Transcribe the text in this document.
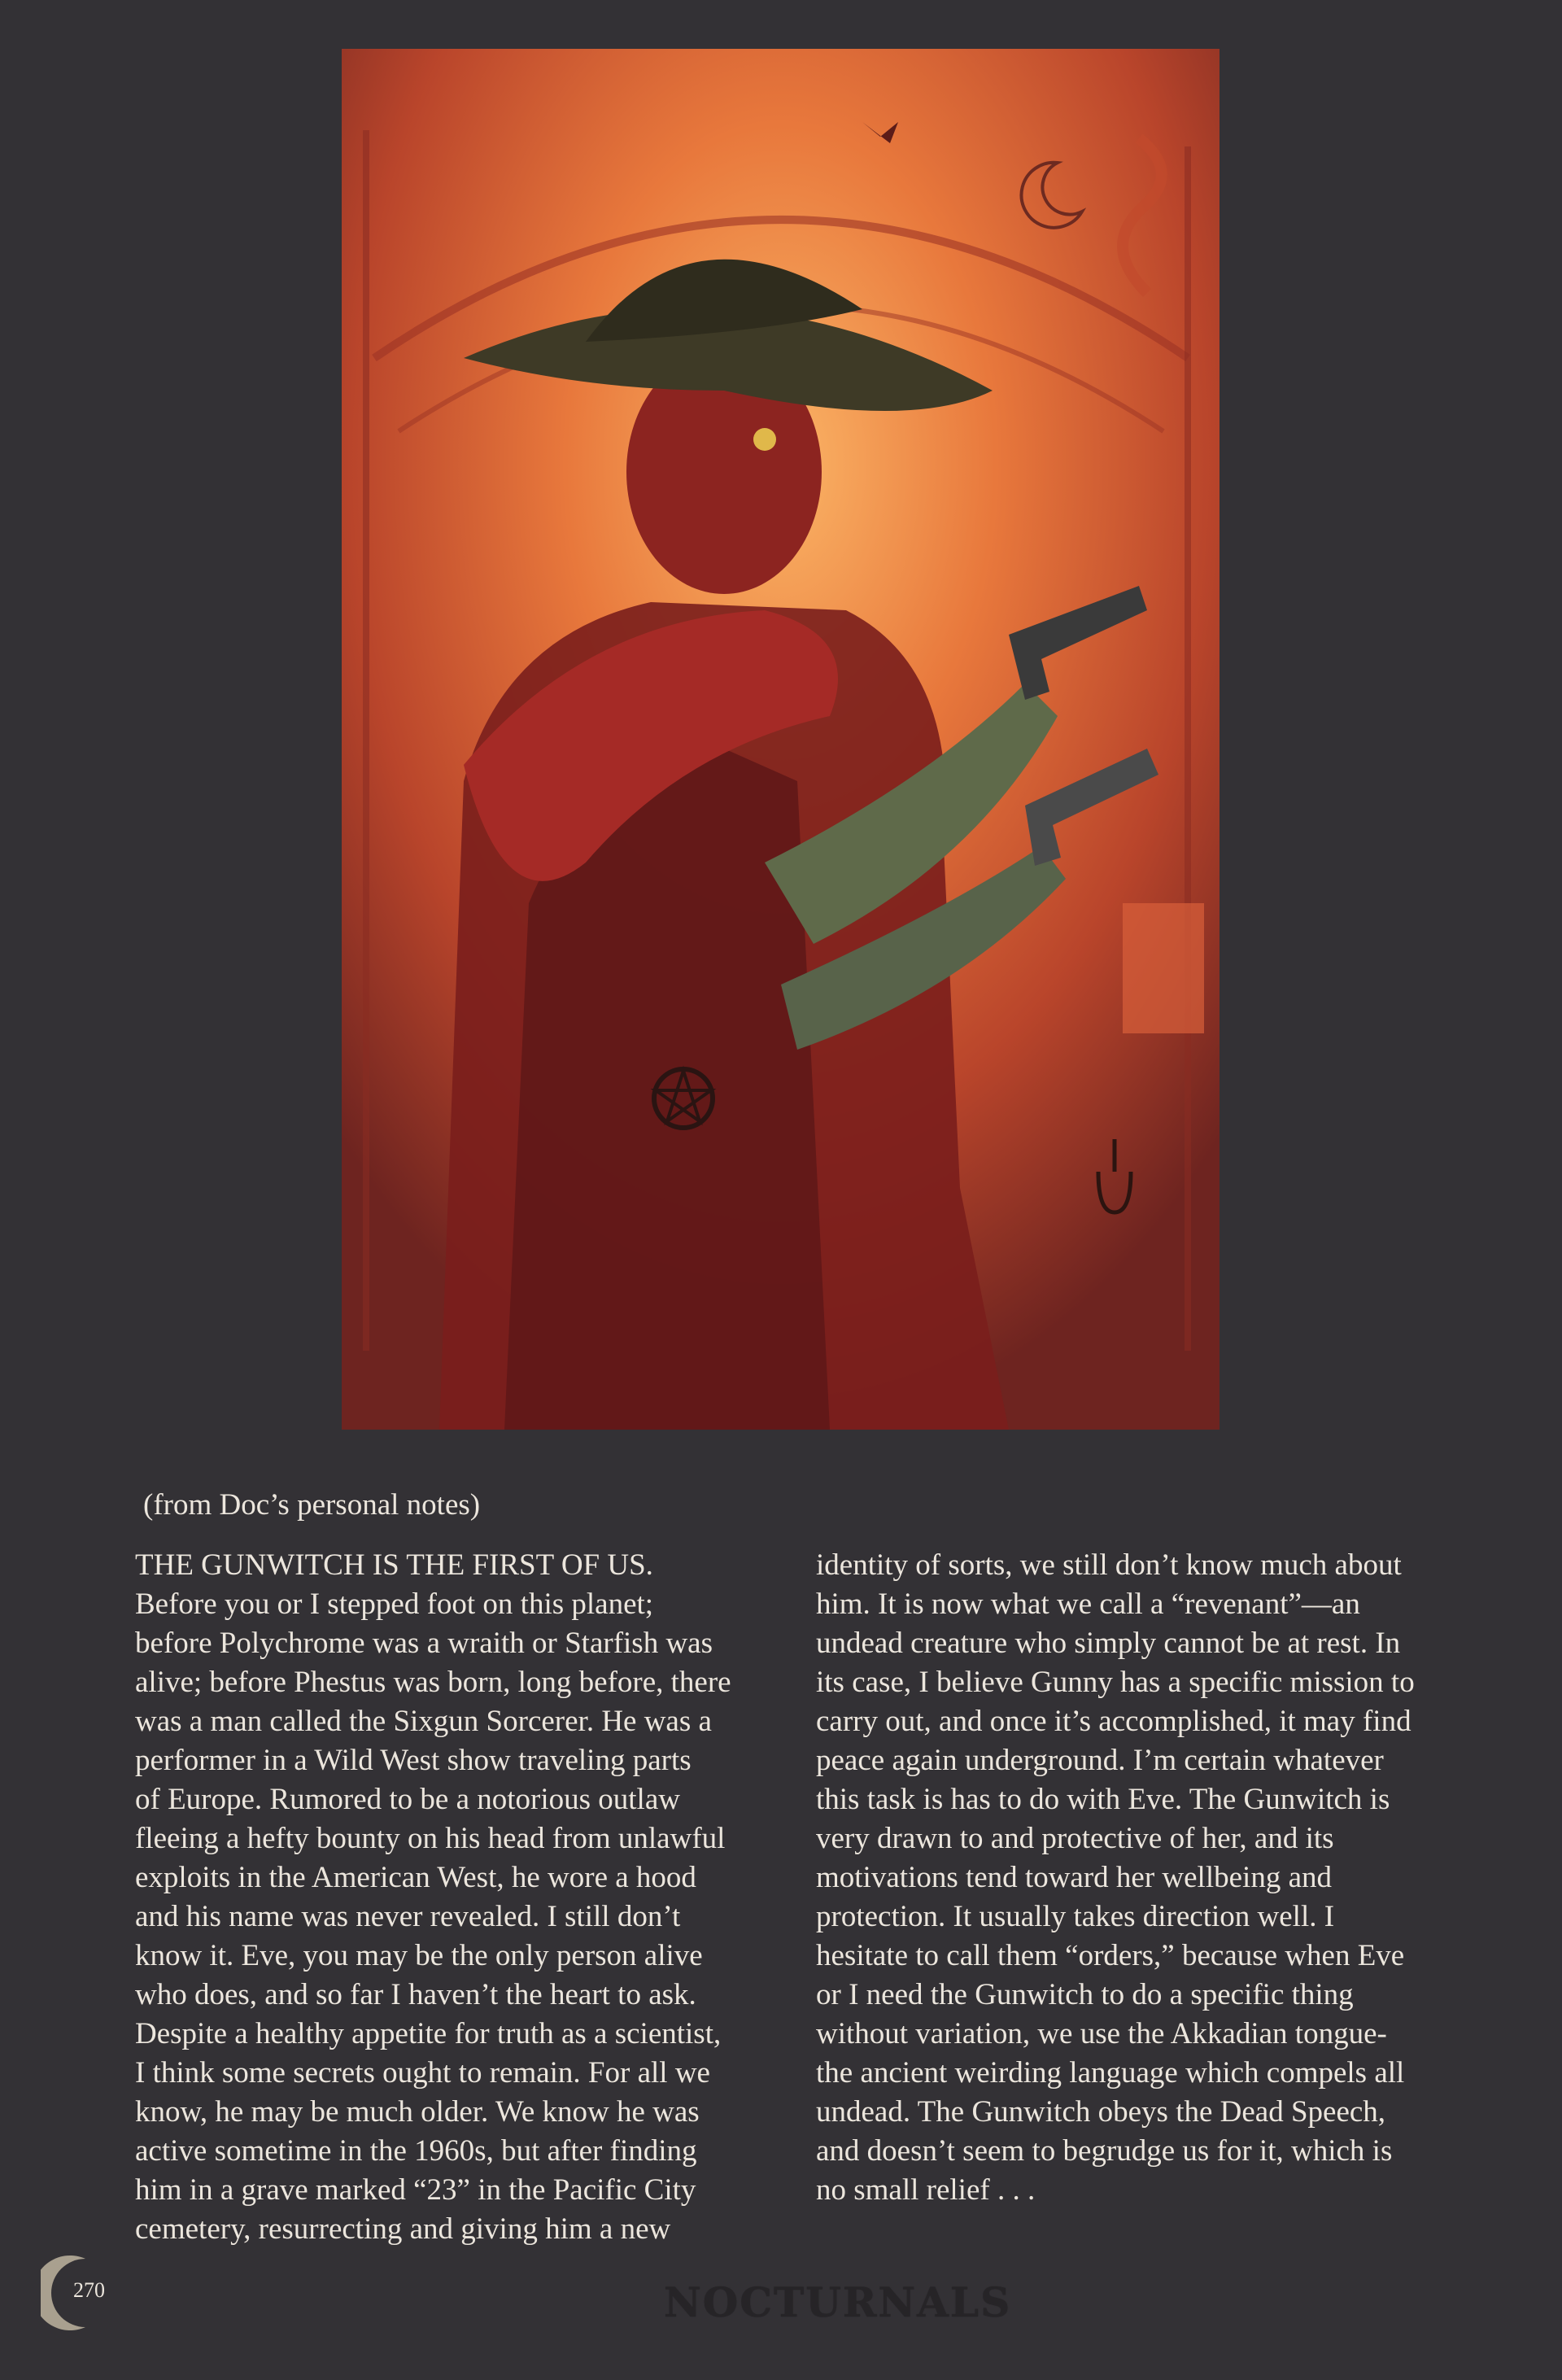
(from Doc’s personal notes)

THE GUNWITCH IS THE FIRST OF US.

Before you or I stepped foot on this planet;

before Polychrome was a wraith or Starfish was

alive; before Phestus was born, long before, there

was a man called the Sixgun Sorcerer. He was a

performer in a Wild West show traveling parts

of Europe. Rumored to be a notorious outlaw

fleeing a hefty bounty on his head from unlawful

exploits in the American West, he wore a hood

and his name was never revealed. I still don’t

know it. Eve, you may be the only person alive

who does, and so far I haven’t the heart to ask.

Despite a healthy appetite for truth as a scientist,

I think some secrets ought to remain. For all we

know, he may be much older. We know he was

active sometime in the 1960s, but after finding

him in a grave marked “23” in the Pacific City

cemetery, resurrecting and giving him a new

identity of sorts, we still don’t know much about

him. It is now what we call a “revenant”—an

undead creature who simply cannot be at rest. In

its case, I believe Gunny has a specific mission to

carry out, and once it’s accomplished, it may find

peace again underground. I’m certain whatever

this task is has to do with Eve. The Gunwitch is

very drawn to and protective of her, and its

motivations tend toward her wellbeing and

protection. It usually takes direction well. I

hesitate to call them “orders,” because when Eve

or I need the Gunwitch to do a specific thing

without variation, we use the Akkadian tongue-

the ancient weirding language which compels all

undead. The Gunwitch obeys the Dead Speech,

and doesn’t seem to begrudge us for it, which is

no small relief . . .

270	NOCTURNALS
